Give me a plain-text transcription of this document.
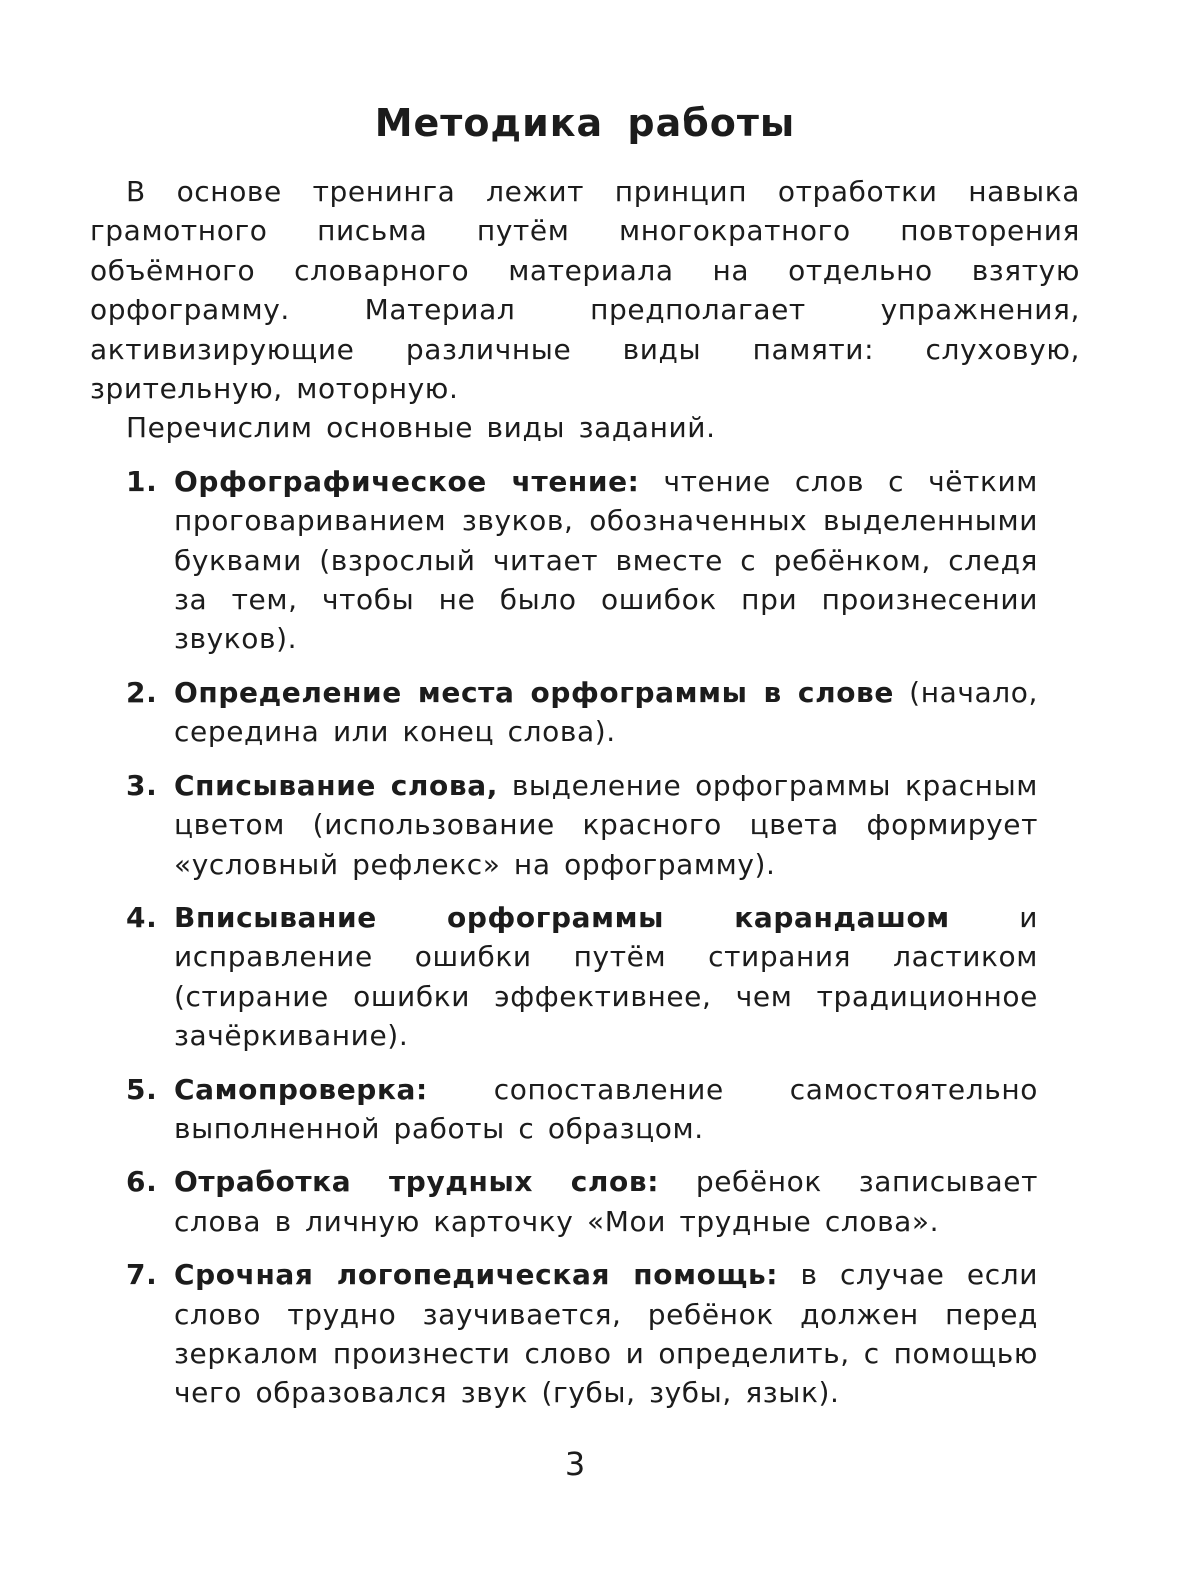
Методика работы

В основе тренинга лежит принцип отработки навыка грамотного письма путём многократного повторения объёмного словарного материала на отдельно взятую орфограмму. Материал предполагает упражнения, активизирующие различные виды памяти: слуховую, зрительную, моторную.

Перечислим основные виды заданий.

1. Орфографическое чтение: чтение слов с чётким проговариванием звуков, обозначенных выделенными буквами (взрослый читает вместе с ребёнком, следя за тем, чтобы не было ошибок при произнесении звуков).
2. Определение места орфограммы в слове (начало, середина или конец слова).
3. Списывание слова, выделение орфограммы красным цветом (использование красного цвета формирует «условный рефлекс» на орфограмму).
4. Вписывание орфограммы карандашом и исправление ошибки путём стирания ластиком (стирание ошибки эффективнее, чем традиционное зачёркивание).
5. Самопроверка: сопоставление самостоятельно выполненной работы с образцом.
6. Отработка трудных слов: ребёнок записывает слова в личную карточку «Мои трудные слова».
7. Срочная логопедическая помощь: в случае если слово трудно заучивается, ребёнок должен перед зеркалом произнести слово и определить, с помощью чего образовался звук (губы, зубы, язык).
3
